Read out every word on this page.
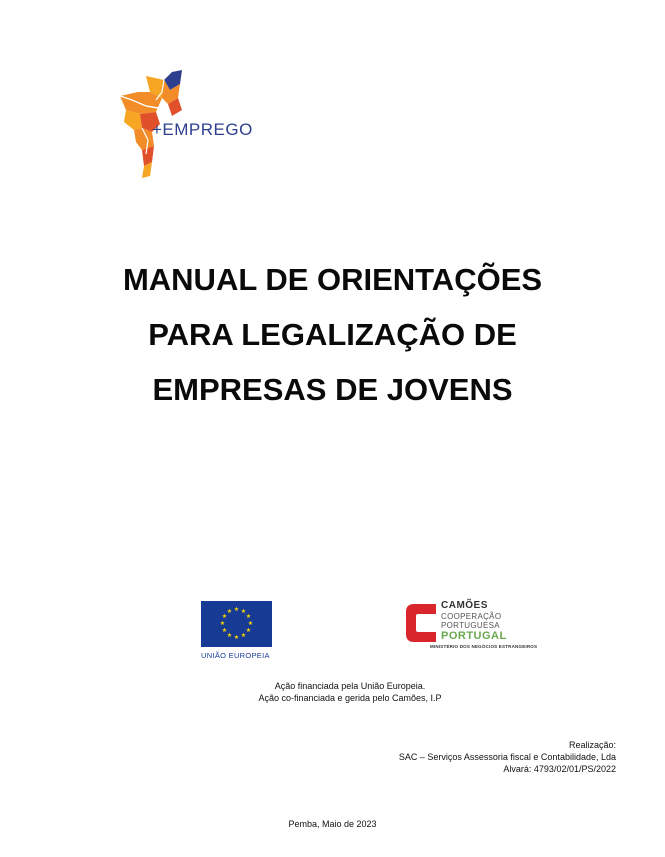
+
+EMPREGO
MANUAL DE ORIENTAÇÕES
PARA LEGALIZAÇÃO DE
EMPRESAS DE JOVENS
★ ★
★
★
★
★
★
★
★
★
★
★
UNIÃO EUROPEIA
CAMÕES
COOPERAÇÃO
PORTUGUESA
PORTUGAL
MINISTÉRIO DOS NEGÓCIOS ESTRANGEIROS
Ação financiada pela União Europeia.
Ação co-financiada e gerida pelo Camões, I.P
Realização:
SAC – Serviços Assessoria fiscal e Contabilidade, Lda
Alvará: 4793/02/01/PS/2022
Pemba, Maio de 2023
